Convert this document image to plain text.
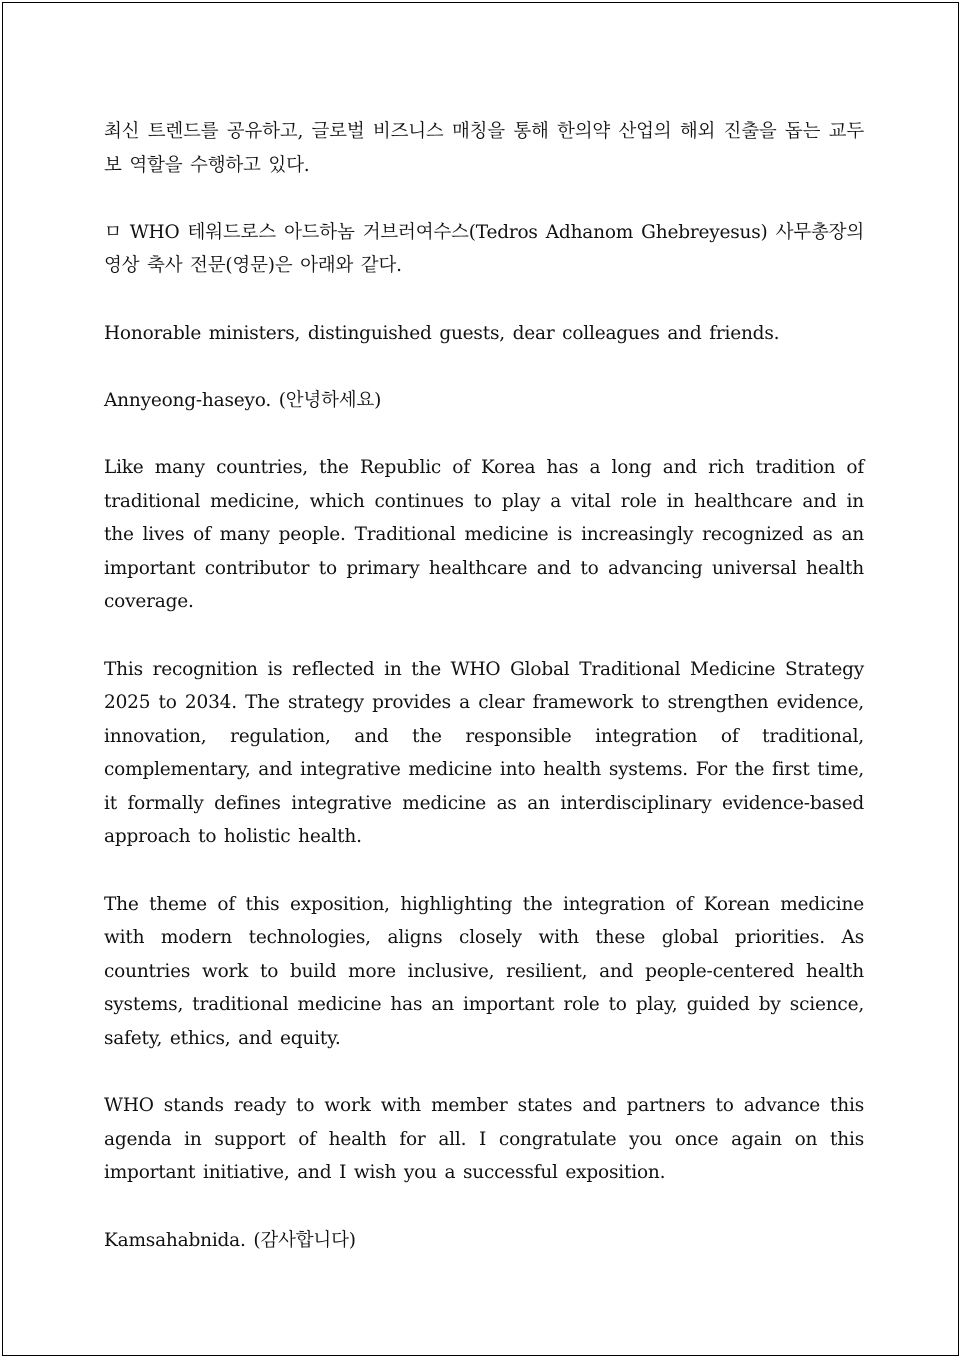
최신 트렌드를 공유하고, 글로벌 비즈니스 매칭을 통해 한의약 산업의 해외 진출을 돕는 교두보 역할을 수행하고 있다.

ㅁ WHO 테워드로스 아드하놈 거브러여수스(Tedros Adhanom Ghebreyesus) 사무총장의 영상 축사 전문(영문)은 아래와 같다.

Honorable ministers, distinguished guests, dear colleagues and friends.

Annyeong-haseyo. (안녕하세요)

Like many countries, the Republic of Korea has a long and rich tradition of traditional medicine, which continues to play a vital role in healthcare and in the lives of many people. Traditional medicine is increasingly recognized as an important contributor to primary healthcare and to advancing universal health coverage.

This recognition is reflected in the WHO Global Traditional Medicine Strategy 2025 to 2034. The strategy provides a clear framework to strengthen evidence, innovation, regulation, and the responsible integration of traditional, complementary, and integrative medicine into health systems. For the first time, it formally defines integrative medicine as an interdisciplinary evidence-based approach to holistic health.

The theme of this exposition, highlighting the integration of Korean medicine with modern technologies, aligns closely with these global priorities. As countries work to build more inclusive, resilient, and people-centered health systems, traditional medicine has an important role to play, guided by science, safety, ethics, and equity.

WHO stands ready to work with member states and partners to advance this agenda in support of health for all. I congratulate you once again on this important initiative, and I wish you a successful exposition.

Kamsahabnida. (감사합니다)
